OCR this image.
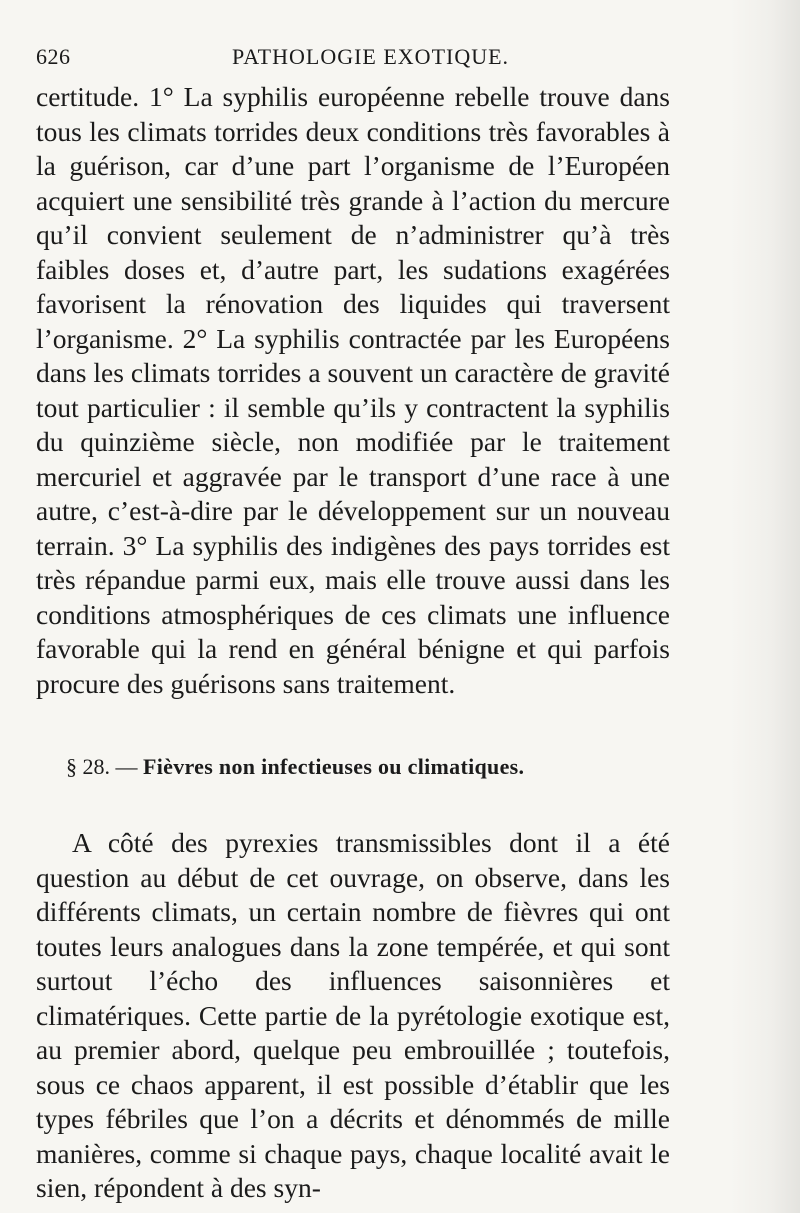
626	PATHOLOGIE EXOTIQUE.

certitude. 1° La syphilis européenne rebelle trouve dans tous les climats torrides deux conditions très favorables à la guérison, car d’une part l’organisme de l’Européen acquiert une sensibilité très grande à l’action du mercure qu’il convient seulement de n’administrer qu’à très faibles doses et, d’autre part, les sudations exagérées favorisent la rénovation des liquides qui traversent l’organisme. 2° La syphilis contractée par les Européens dans les climats torrides a souvent un caractère de gravité tout particulier : il semble qu’ils y contractent la syphilis du quinzième siècle, non modifiée par le traitement mercuriel et aggravée par le transport d’une race à une autre, c’est-à-dire par le développement sur un nouveau terrain. 3° La syphilis des indigènes des pays torrides est très répandue parmi eux, mais elle trouve aussi dans les conditions atmosphériques de ces climats une influence favorable qui la rend en général bénigne et qui parfois procure des guérisons sans traitement.

§ 28. — Fièvres non infectieuses ou climatiques.

A côté des pyrexies transmissibles dont il a été question au début de cet ouvrage, on observe, dans les différents climats, un certain nombre de fièvres qui ont toutes leurs analogues dans la zone tempérée, et qui sont surtout l’écho des influences saisonnières et climatériques. Cette partie de la pyrétologie exotique est, au premier abord, quelque peu embrouillée ; toutefois, sous ce chaos apparent, il est possible d’établir que les types fébriles que l’on a décrits et dénommés de mille manières, comme si chaque pays, chaque localité avait le sien, répondent à des syn-
